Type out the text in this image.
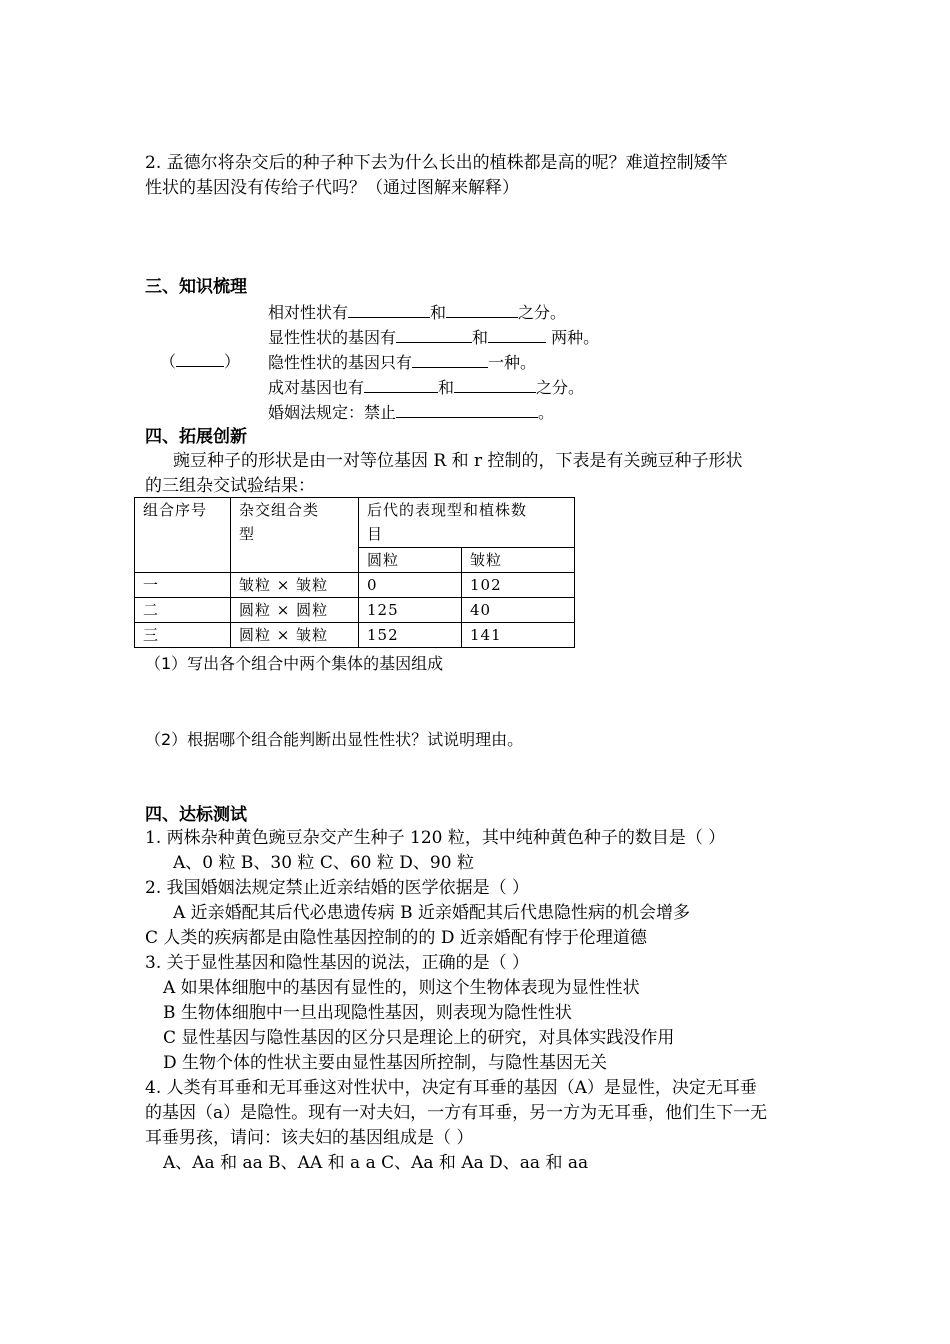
2. 孟德尔将杂交后的种子种下去为什么长出的植株都是高的呢？难道控制矮竿
性状的基因没有传给子代吗？（通过图解来解释）
三、知识梳理
相对性状有	和	之分。
显性性状的基因有	和	两种。
（	） 隐性性状的基因只有	一种。
成对基因也有	和	之分。
婚姻法规定：禁止	。
四、拓展创新
豌豆种子的形状是由一对等位基因 R 和 r 控制的，下表是有关豌豆种子形状
的三组杂交试验结果：
组合序号	杂交组合类
型	后代的表现型和植株数
目	
		圆粒	皱粒
一	皱粒 × 皱粒	0	102
二	圆粒 × 圆粒	125	40
三	圆粒 × 皱粒	152	141
（1）写出各个组合中两个集体的基因组成
（2）根据哪个组合能判断出显性性状？试说明理由。
四、达标测试
1. 两株杂种黄色豌豆杂交产生种子 120 粒，其中纯种黄色种子的数目是（ ）
A、0 粒 B、30 粒 C、60 粒 D、90 粒
2. 我国婚姻法规定禁止近亲结婚的医学依据是（ ）
A 近亲婚配其后代必患遗传病 B 近亲婚配其后代患隐性病的机会增多
C 人类的疾病都是由隐性基因控制的的 D 近亲婚配有悖于伦理道德
3. 关于显性基因和隐性基因的说法，正确的是（ ）
A 如果体细胞中的基因有显性的，则这个生物体表现为显性性状
B 生物体细胞中一旦出现隐性基因，则表现为隐性性状
C 显性基因与隐性基因的区分只是理论上的研究，对具体实践没作用
D 生物个体的性状主要由显性基因所控制，与隐性基因无关
4. 人类有耳垂和无耳垂这对性状中，决定有耳垂的基因（A）是显性，决定无耳垂
的基因（a）是隐性。现有一对夫妇，一方有耳垂，另一方为无耳垂，他们生下一无
耳垂男孩，请问：该夫妇的基因组成是（ ）
A、Aa 和 aa B、AA 和 a a C、Aa 和 Aa D、aa 和 aa
